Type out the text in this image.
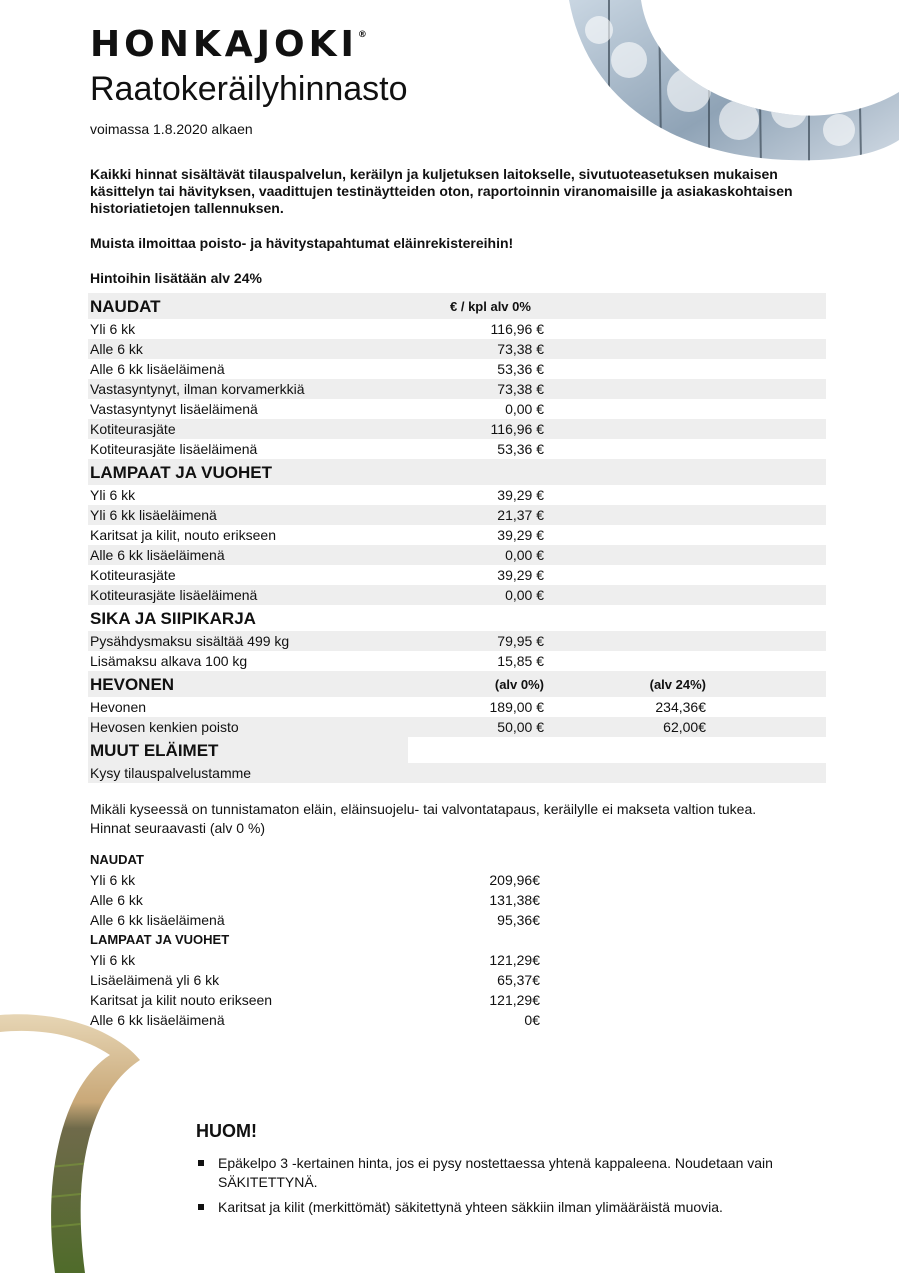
HONKAJOKI®
Raatokeräilyhinnasto
voimassa 1.8.2020 alkaen

Kaikki hinnat sisältävät tilauspalvelun, keräilyn ja kuljetuksen laitokselle, sivutuoteasetuksen mukaisen käsittelyn tai hävityksen, vaadittujen testinäytteiden oton, raportoinnin viranomaisille ja asiakaskohtaisen historiatietojen tallennuksen.

Muista ilmoittaa poisto- ja hävitystapahtumat eläinrekistereihin!

Hintoihin lisätään alv 24%

NAUDAT	€ / kpl alv 0%
Yli 6 kk	116,96 €
Alle 6 kk	73,38 €
Alle 6 kk lisäeläimenä	53,36 €
Vastasyntynyt, ilman korvamerkkiä	73,38 €
Vastasyntynyt lisäeläimenä	0,00 €
Kotiteurasjäte	116,96 €
Kotiteurasjäte lisäeläimenä	53,36 €
LAMPAAT JA VUOHET
Yli 6 kk	39,29 €
Yli 6 kk lisäeläimenä	21,37 €
Karitsat ja kilit, nouto erikseen	39,29 €
Alle 6 kk lisäeläimenä	0,00 €
Kotiteurasjäte	39,29 €
Kotiteurasjäte lisäeläimenä	0,00 €
SIKA JA SIIPIKARJA
Pysähdysmaksu sisältää 499 kg	79,95 €
Lisämaksu alkava 100 kg	15,85 €
HEVONEN	(alv 0%)	(alv 24%)
Hevonen	189,00 €	234,36€
Hevosen kenkien poisto	50,00 €	62,00€
MUUT ELÄIMET
Kysy tilauspalvelustamme
Mikäli kyseessä on tunnistamaton eläin, eläinsuojelu- tai valvontatapaus, keräilylle ei makseta valtion tukea.
Hinnat seuraavasti (alv 0 %)
NAUDAT
Yli 6 kk	209,96€
Alle 6 kk	131,38€
Alle 6 kk lisäeläimenä	95,36€
LAMPAAT JA VUOHET
Yli 6 kk	121,29€
Lisäeläimenä yli 6 kk	65,37€
Karitsat ja kilit nouto erikseen	121,29€
Alle 6 kk lisäeläimenä	0€
HUOM!
Epäkelpo 3 -kertainen hinta, jos ei pysy nostettaessa yhtenä kappaleena. Noudetaan vain SÄKITETTYNÄ.
Karitsat ja kilit (merkittömät) säkitettynä yhteen säkkiin ilman ylimääräistä muovia.
